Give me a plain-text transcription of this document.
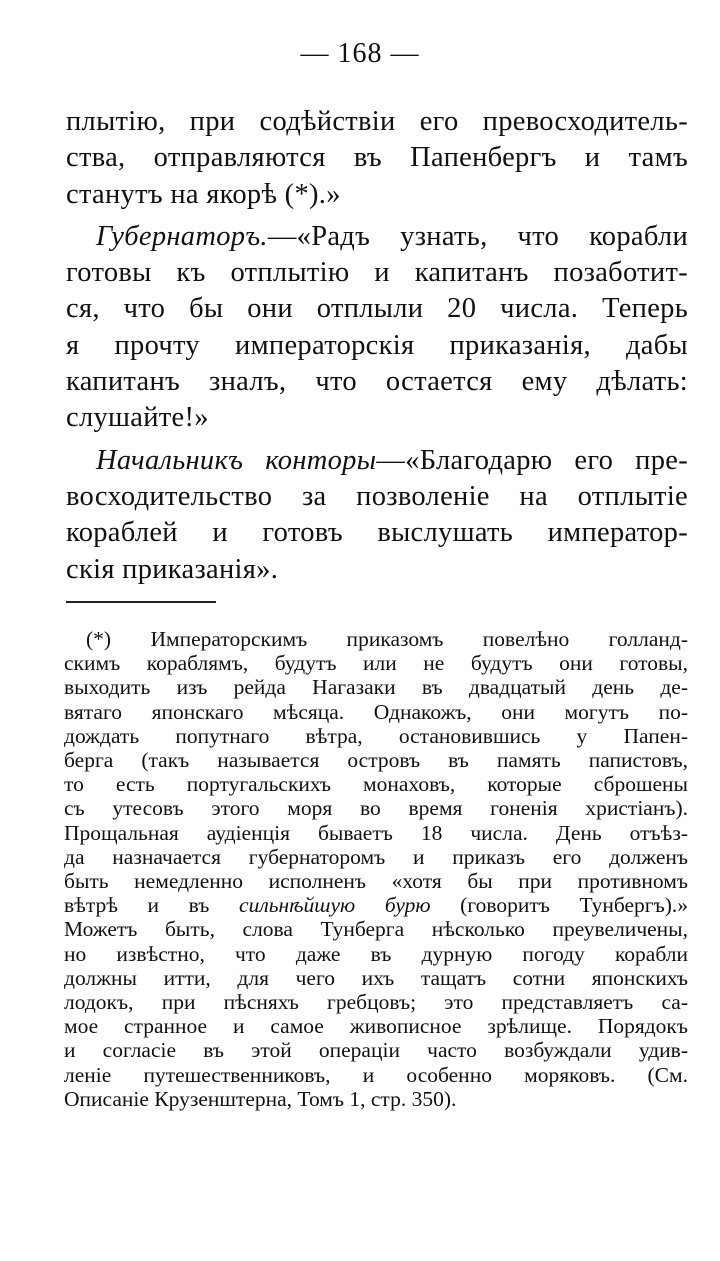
— 168 —

плытію, при содѣйствіи его превосходитель-
ства, отправляются въ Папенбергъ и тамъ
станутъ на якорѣ (*).»

Губернаторъ.—«Радъ узнать, что корабли
готовы къ отплытію и капитанъ позаботит-
ся, что бы они отплыли 20 числа. Теперь
я прочту императорскія приказанія, дабы
капитанъ зналъ, что остается ему дѣлать:
слушайте!»

Начальникъ конторы—«Благодарю его пре-
восходительство за позволеніе на отплытіе
кораблей и готовъ выслушать император-
скія приказанія».

(*) Императорскимъ приказомъ повелѣно голланд-
скимъ кораблямъ, будутъ или не будутъ они готовы,
выходить изъ рейда Нагазаки въ двадцатый день де-
вятаго японскаго мѣсяца. Однакожъ, они могутъ по-
дождать попутнаго вѣтра, остановившись у Папен-
берга (такъ называется островъ въ память папистовъ,
то есть португальскихъ монаховъ, которые сброшены
съ утесовъ этого моря во время гоненія христіанъ).
Прощальная аудіенція бываетъ 18 числа. День отъѣз-
да назначается губернаторомъ и приказъ его долженъ
быть немедленно исполненъ «хотя бы при противномъ
вѣтрѣ и въ сильнѣйшую бурю (говоритъ Тунбергъ).»
Можетъ быть, слова Тунберга нѣсколько преувеличены,
но извѣстно, что даже въ дурную погоду корабли
должны итти, для чего ихъ тащатъ сотни японскихъ
лодокъ, при пѣсняхъ гребцовъ; это представляетъ са-
мое странное и самое живописное зрѣлище. Порядокъ
и согласіе въ этой операціи часто возбуждали удив-
леніе путешественниковъ, и особенно моряковъ. (См.
Описаніе Крузенштерна, Томъ 1, стр. 350).
